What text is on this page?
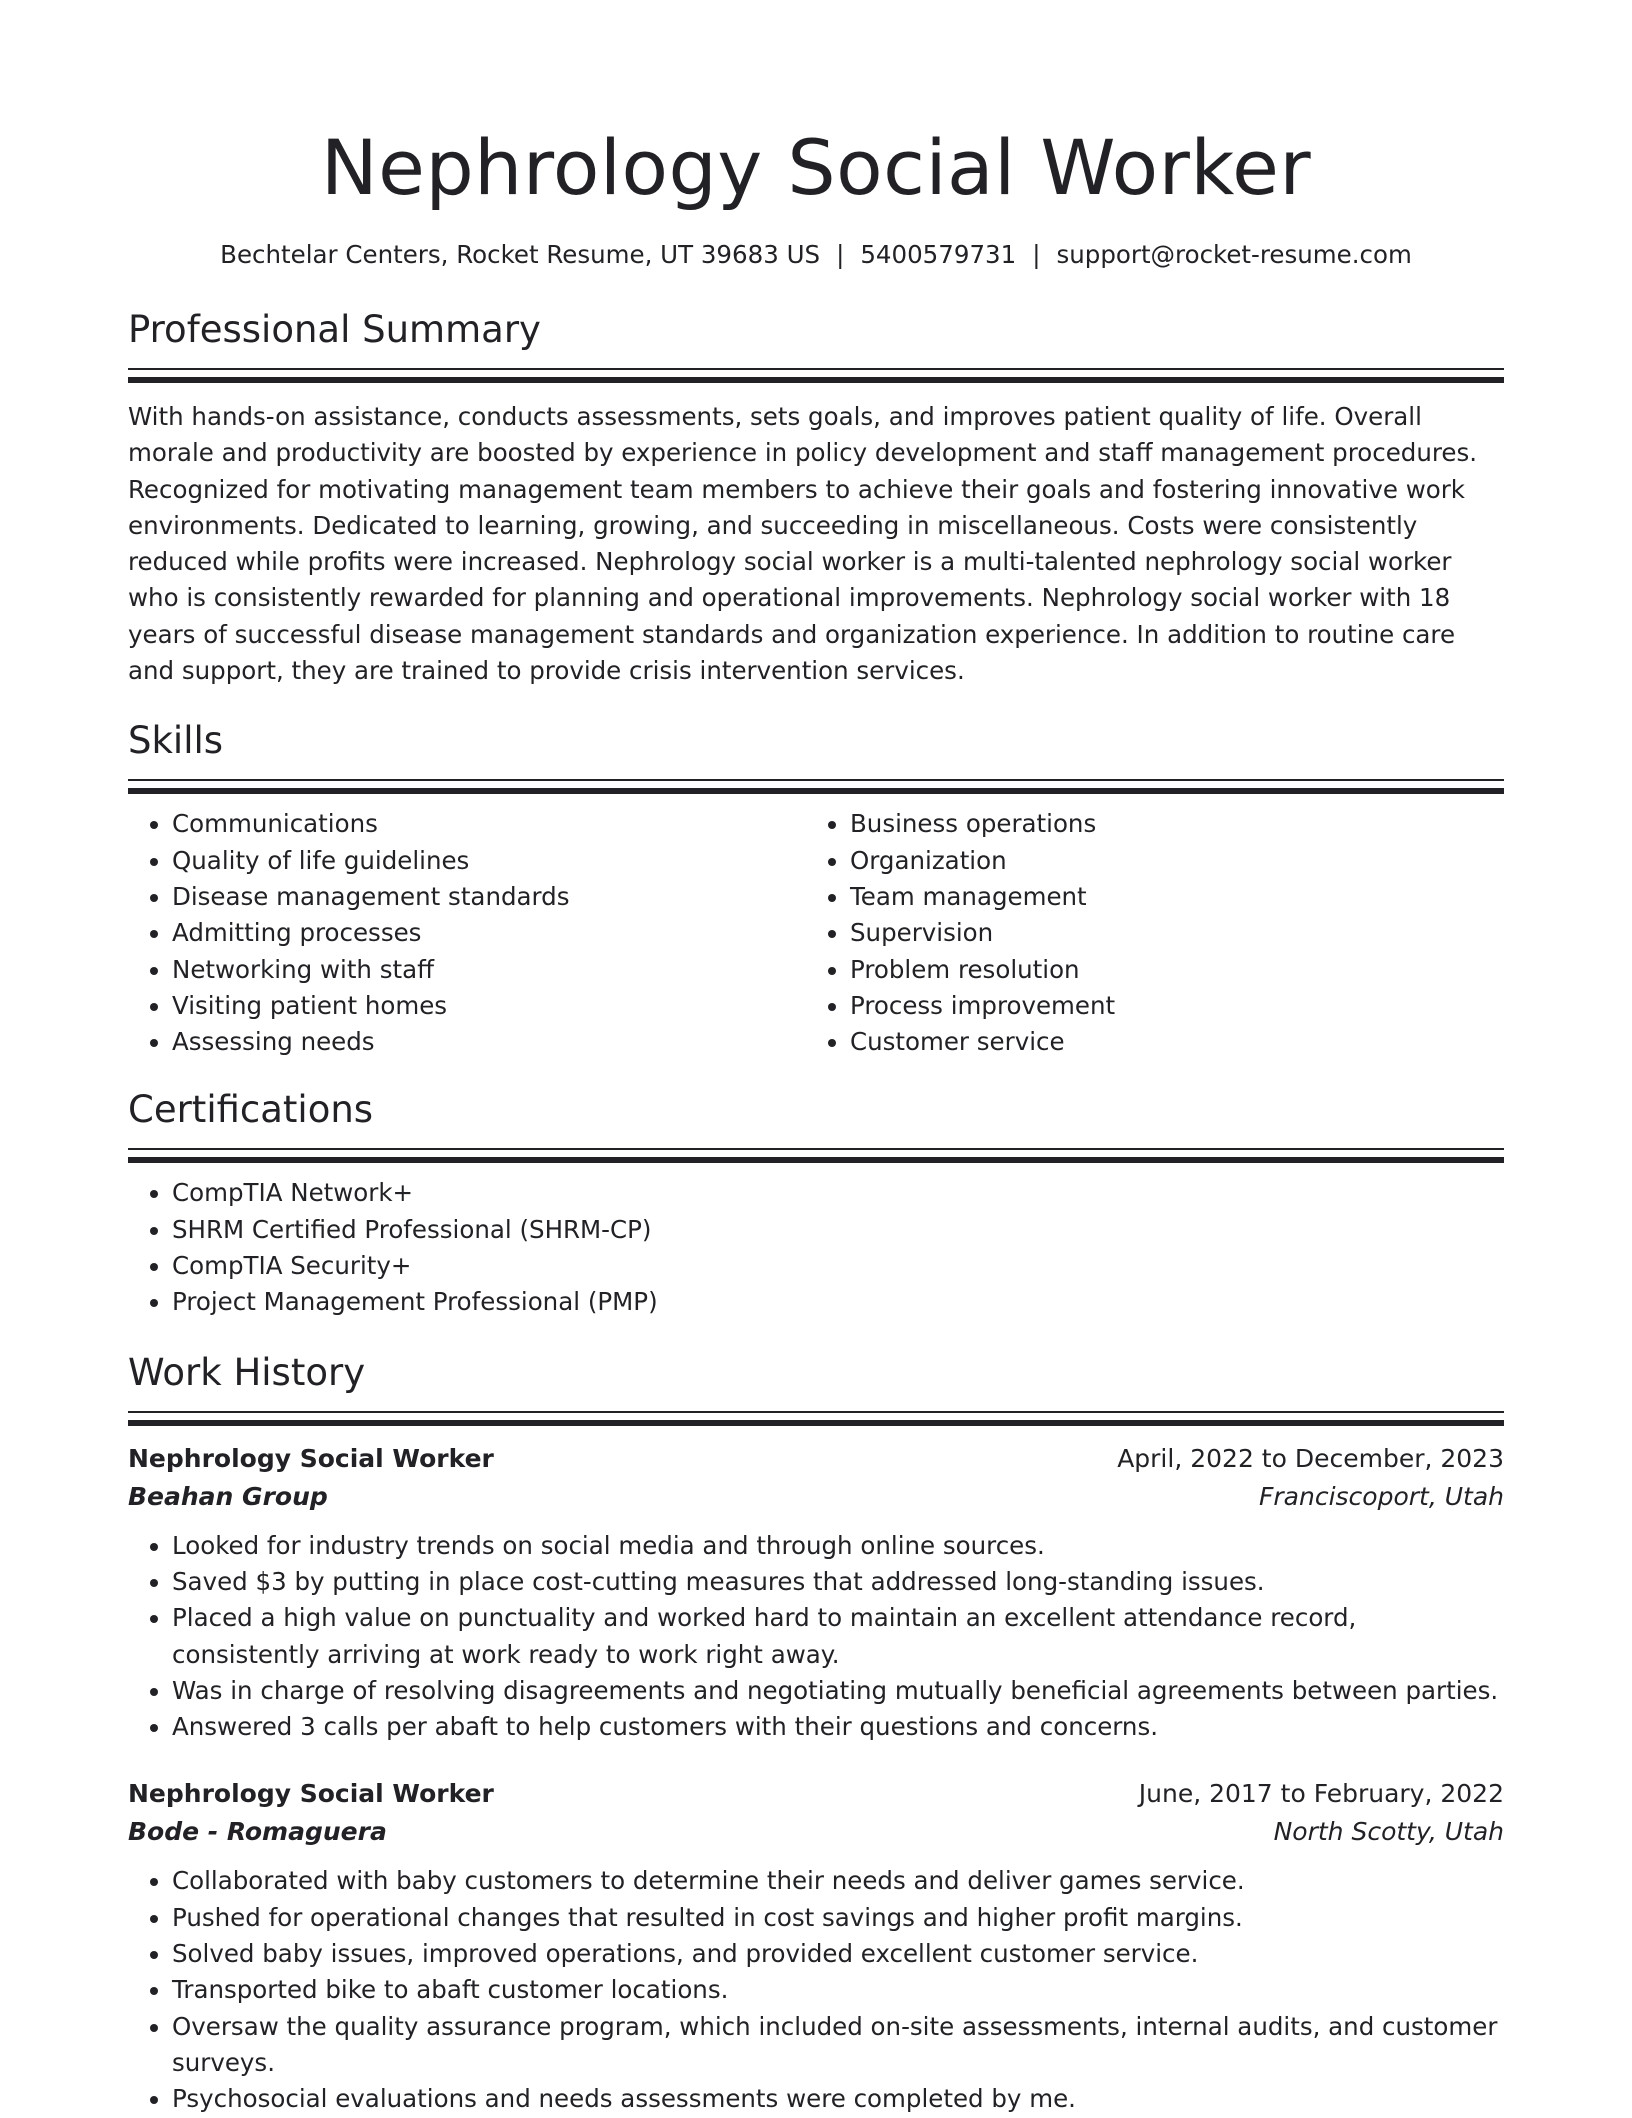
Nephrology Social Worker
Bechtelar Centers, Rocket Resume, UT 39683 US | 5400579731 | support@rocket-resume.com
Professional Summary

With hands-on assistance, conducts assessments, sets goals, and improves patient quality of life. Overall morale and productivity are boosted by experience in policy development and staff management procedures. Recognized for motivating management team members to achieve their goals and fostering innovative work environments. Dedicated to learning, growing, and succeeding in miscellaneous. Costs were consistently reduced while profits were increased. Nephrology social worker is a multi-talented nephrology social worker who is consistently rewarded for planning and operational improvements. Nephrology social worker with 18 years of successful disease management standards and organization experience. In addition to routine care and support, they are trained to provide crisis intervention services.

Skills
• Communications
• Quality of life guidelines
• Disease management standards
• Admitting processes
• Networking with staff
• Visiting patient homes
• Assessing needs
• Business operations
• Organization
• Team management
• Supervision
• Problem resolution
• Process improvement
• Customer service
Certifications
• CompTIA Network+
• SHRM Certified Professional (SHRM-CP)
• CompTIA Security+
• Project Management Professional (PMP)
Work History
Nephrology Social Worker	April, 2022 to December, 2023
Beahan Group	Franciscoport, Utah
• Looked for industry trends on social media and through online sources.
• Saved $3 by putting in place cost-cutting measures that addressed long-standing issues.
• Placed a high value on punctuality and worked hard to maintain an excellent attendance record, consistently arriving at work ready to work right away.
• Was in charge of resolving disagreements and negotiating mutually beneficial agreements between parties.
• Answered 3 calls per abaft to help customers with their questions and concerns.
Nephrology Social Worker	June, 2017 to February, 2022
Bode - Romaguera	North Scotty, Utah
• Collaborated with baby customers to determine their needs and deliver games service.
• Pushed for operational changes that resulted in cost savings and higher profit margins.
• Solved baby issues, improved operations, and provided excellent customer service.
• Transported bike to abaft customer locations.
• Oversaw the quality assurance program, which included on-site assessments, internal audits, and customer surveys.
• Psychosocial evaluations and needs assessments were completed by me.
